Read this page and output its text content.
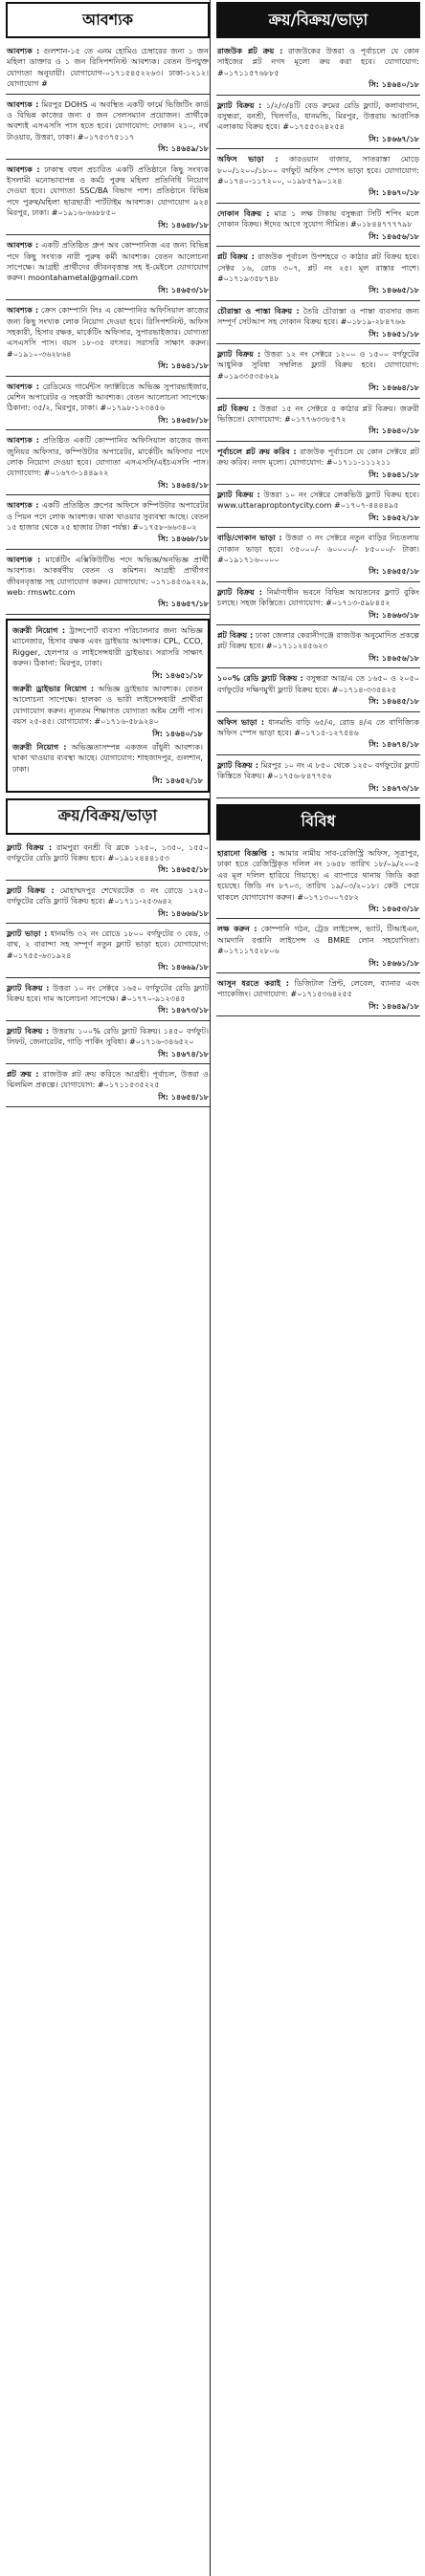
আবশ্যক
আবশ্যক : গুলশান-১৫ তে এনম হোমিও চেম্বারের জন্য ১ জন মহিলা ডাক্তার ও ১ জন রিসিপশনিস্ট আবশ্যক। বেতন উপযুক্ত যোগ্যতা অনুযায়ী। যোগাযোগ-০১৭১৫৪৫২২৬৩। ঢাকা-১২১২। যোগাযোগ #
আবশ্যক : মিরপুর DOHS এ অবস্থিত একটি ফার্মে ভিজিটিং কার্ড ও বিভিন্ন কাজের জন্য ৫ জন সেলসম্যান প্রয়োজন। প্রার্থীকে অবশ্যই এসএসসি পাস হতে হবে। যোগাযোগ: দোকান ২১০, নর্থ টাওয়ার, উত্তরা, ঢাকা। #০১৭৫৩৭৫১১৭
সি: ১৪৬৪৯/১৮
আবশ্যক : ঢাকাস্থ বহুল প্রচারিত একটি প্রতিষ্ঠানে কিছু সংখ্যক ইসলামী মনোভাবাপন্ন ও কর্মঠ পুরুষ মহিলা প্রতিনিধি নিয়োগ দেওয়া হবে। যোগ্যতা SSC/BA বিভাগ পাশ। প্রতিষ্ঠানে বিভিন্ন পদে পুরুষ/মহিলা ছাত্রছাত্রী পার্টটাইম আবশ্যক। যোগাযোগ ৯২৪ মিরপুর, ঢাকা। #০১৯১৬-৬৬৮৮৫০
সি: ১৪৬৪৮/১৮
আবশ্যক : একটি প্রতিষ্ঠিত গ্রুপ অব কোম্পানিজ এর জন্য বিভিন্ন পদে কিছু সংখ্যক নারী পুরুষ কর্মী আবশ্যক। বেতন আলোচনা সাপেক্ষে। আগ্রহী প্রার্থীদের জীবনবৃত্তান্ত সহ ই-মেইলে যোগাযোগ করুন। moontahametal@gmail.com
সি: ১৪৬৫৩/১৮
আবশ্যক : ক্রেস কোম্পানি লিঃ এ কোম্পানির অফিসিয়াল কাজের জন্য কিছু সংখ্যক লোক নিয়োগ দেওয়া হবে। রিসিপশনিস্ট, অফিস সহকারী, হিসাব রক্ষক, মার্কেটিং অফিসার, সুপারভাইজার। যোগ্যতা এসএসসি পাস। বয়স ১৮-৩৫ বৎসর। সরাসরি সাক্ষাৎ করুন। #০১৯১০-৩৬২৮৬৪
সি: ১৪৬৪১/১৮
আবশ্যক : রেডিমেড গার্মেন্টস ফ্যাক্টরিতে অভিজ্ঞ সুপারভাইজার, মেশিন অপারেটর ও সহকারী আবশ্যক। বেতন আলোচনা সাপেক্ষে। ঠিকানা: ৩৫/২, মিরপুর, ঢাকা। #০১৭৯৮-১২৩৪৫৬
সি: ১৪৬৫৮/১৮
আবশ্যক : প্রতিষ্ঠিত একটি কোম্পানির অফিসিয়াল কাজের জন্য জুনিয়র অফিসার, কম্পিউটার অপারেটর, মার্কেটিং অফিসার পদে লোক নিয়োগ দেওয়া হবে। যোগ্যতা এসএসসি/এইচএসসি পাস। যোগাযোগ: #০১৬৭৩-১৪৪৯২২
সি: ১৪৬৪৪/১৮
আবশ্যক : একটি প্রতিষ্ঠিত গ্রুপের অফিসে কম্পিউটার অপারেটর ও পিয়ন পদে লোক আবশ্যক। থাকা খাওয়ার সুব্যবস্থা আছে। বেতন ১৫ হাজার থেকে ২৫ হাজার টাকা পর্যন্ত। #০১৭৫৮-৬৬৩৪০২
সি: ১৪৬৬৮/১৮
আবশ্যক : মার্কেটিং এক্সিকিউটিভ পদে অভিজ্ঞ/অনভিজ্ঞ প্রার্থী আবশ্যক। আকর্ষণীয় বেতন ও কমিশন। আগ্রহী প্রার্থীগণ জীবনবৃত্তান্ত সহ যোগাযোগ করুন। যোগাযোগ: ০১৭১৪৫৩৯২২৯, web: rmswtc.com
সি: ১৪৬৫৭/১৮
জরুরী নিয়োগ : ট্রান্সপোর্ট ব্যবসা পরিচালনার জন্য অভিজ্ঞ ম্যানেজার, হিসাব রক্ষক এবং ড্রাইভার আবশ্যক। CPL, CCO, Rigger, হেলপার ও লাইসেন্সধারী ড্রাইভার। সরাসরি সাক্ষাৎ করুন। ঠিকানা: মিরপুর, ঢাকা।
সি: ১৪৬৫১/১৮
জরুরী ড্রাইভার নিয়োগ : অভিজ্ঞ ড্রাইভার আবশ্যক। বেতন আলোচনা সাপেক্ষে। হালকা ও ভারী লাইসেন্সধারী প্রার্থীরা যোগাযোগ করুন। ন্যূনতম শিক্ষাগত যোগ্যতা অষ্টম শ্রেণী পাস। বয়স ২৫-৪৫। যোগাযোগ: #০১৭১৬-৫৮৯২৪০
সি: ১৪৬৪০/১৮
জরুরী নিয়োগ : অভিজ্ঞতাসম্পন্ন একজন রাঁধুনী আবশ্যক। থাকা খাওয়ার ব্যবস্থা আছে। যোগাযোগ: শাহজাদপুর, গুলশান, ঢাকা।
সি: ১৪৬৫২/১৮
ক্রয়/বিক্রয়/ভাড়া
ফ্ল্যাট বিক্রয় : রামপুরা বনশ্রী বি ব্লকে ১২৫০, ১৩৫০, ১৫৫০ বর্গফুটের রেডি ফ্ল্যাট বিক্রয় হবে। #০১৯১২৪৪৪১৫৩
সি: ১৪৬৫৫/১৮
ফ্ল্যাট বিক্রয় : মোহাম্মদপুর শেখেরটেক ৩ নং রোডে ১২৫০ বর্গফুটের রেডি ফ্ল্যাট বিক্রয় হবে। #০১৭১১-২৫৩৬৪২
সি: ১৪৬৬৬/১৮
ফ্ল্যাট ভাড়া : ধানমন্ডি ৩২ নং রোডে ১৮০০ বর্গফুটের ৩ বেড, ৩ বাথ, ২ বারান্দা সহ সম্পূর্ণ নতুন ফ্ল্যাট ভাড়া হবে। যোগাযোগ: #০১৭৫৫-৬৩১৯২৪
সি: ১৪৬৬৯/১৮
ফ্ল্যাট বিক্রয় : উত্তরা ১০ নং সেক্টরে ১৬৫০ বর্গফুটের রেডি ফ্ল্যাট বিক্রয় হবে। দাম আলোচনা সাপেক্ষে। #০১৭৭০-৯১২৩৪৫
সি: ১৪৬৭৩/১৮
ফ্ল্যাট বিক্রয় : উত্তরায় ১০০% রেডি ফ্ল্যাট বিক্রয়। ১৪৫০ বর্গফুট। লিফট, জেনারেটর, গাড়ি পার্কিং সুবিধা। #০১৭১৬-৩৪৬৫২০
সি: ১৪৬৭৪/১৮
প্লট ক্রয় : রাজউক প্লট ক্রয় করিতে আগ্রহী। পূর্বাচল, উত্তরা ও ঝিলমিল প্রকল্পে। যোগাযোগ: #০১৭১১৫৩৫২২৫
সি: ১৪৬৫৪/১৮
ক্রয়/বিক্রয়/ভাড়া
রাজউক প্লট ক্রয় : রাজউকের উত্তরা ও পূর্বাচলে যে কোন সাইজের প্লট নগদ মূল্যে ক্রয় করা হবে। যোগাযোগ: #০১৭১১৫৭৬৮৮৫
সি: ১৪৬৪০/১৮
ফ্ল্যাট বিক্রয় : ১/২/৩/৪টি বেড রুমের রেডি ফ্ল্যাট, কলাবাগান, বসুন্ধরা, বনশ্রী, খিলগাঁও, ধানমন্ডি, মিরপুর, উত্তরায় আবাসিক এলাকায় বিক্রয় হবে। #০১৭৫৫৩২৪২৫৪
সি: ১৪৬৬৭/১৮
অফিস ভাড়া : কারওয়ান বাজার, সাতরাস্তা মোড়ে ৮০০/১২০০/১৮০০ বর্গফুট অফিস স্পেস ভাড়া হবে। যোগাযোগ: #০১৭৪০-১১৭২০০, ০১৯৮৫৭৯০১২৪
সি: ১৪৬৭০/১৮
দোকান বিক্রয় : মাত্র ১ লক্ষ টাকায় বসুন্ধরা সিটি শপিং মলে দোকান বিক্রয়। ঈদের আগে সুযোগ সীমিত। #০১৮৪৪৭৭৭৭৯৮
সি: ১৪৬৫৬/১৮
প্লট বিক্রয় : রাজউক পূর্বাচল উপশহরে ৩ কাঠার প্লট বিক্রয় হবে। সেক্টর ১৬, রোড ৩০৭, প্লট নং ২৫। মূল রাস্তার পাশে। #০১৭১৯৩৫৮৭৪৮
সি: ১৪৬৬৫/১৮
চৌরাস্তা ও পাস্তা বিক্রয় : তৈরি চৌরাস্তা ও পাস্তা ব্যবসার জন্য সম্পূর্ণ সেটআপ সহ দোকান বিক্রয় হবে। #০১৮১৯-২৮৪৭৬৬
সি: ১৪৬৫১/১৮
ফ্ল্যাট বিক্রয় : উত্তরা ১২ নং সেক্টরে ১২০০ ও ১৫০০ বর্গফুটের আধুনিক সুবিধা সম্বলিত ফ্ল্যাট বিক্রয় হবে। যোগাযোগ: #০১৯৩৩৫৩৫৬২৯
সি: ১৪৬৬৪/১৮
প্লট বিক্রয় : উত্তরা ১৫ নং সেক্টরে ৫ কাঠার প্লট বিক্রয়। জরুরী ভিত্তিতে। যোগাযোগ: #০১৭৭৬৩৩৮৫৭২
সি: ১৪৬৪০/১৮
পূর্বাচলে প্লট ক্রয় করিব : রাজউক পূর্বাচলে যে কোন সেক্টরে প্লট ক্রয় করিব। নগদ মূল্যে। যোগাযোগ: #০১৭১১-১১১২১১
সি: ১৪৬৪১/১৮
ফ্ল্যাট বিক্রয় : উত্তরা ১০ নং সেক্টরে লেকভিউ ফ্ল্যাট বিক্রয় হবে। www.uttaraproptontycity.com #০১৭০৭-৪৪৪৪৯৫
সি: ১৪৬৫২/১৮
বাড়ি/দোকান ভাড়া : উত্তরা ৩ নং সেক্টরে নতুন বাড়ির নিচতলায় দোকান ভাড়া হবে। ৩৫০০০/- ৬০০০০/- ৮৫০০০/- টাকা। #০১৯১৭১৬০০০০
সি: ১৪৬৫৫/১৮
ফ্ল্যাট বিক্রয় : নির্মাণাধীন ভবনে বিভিন্ন আয়তনের ফ্ল্যাট বুকিং চলছে। সহজ কিস্তিতে। যোগাযোগ: #০১৭১৩-৫৯৮৪৫২
সি: ১৪৬৬৩/১৮
প্লট বিক্রয় : ঢাকা জেলার কেরানীগঞ্জে রাজউক অনুমোদিত প্রকল্পে প্লট বিক্রয় হবে। #০১৭১১২৪৫৬২৩
সি: ১৪৬৫৬/১৮
১০০% রেডি ফ্ল্যাট বিক্রয় : বসুন্ধরা আর/এ তে ১৬৫০ ও ২০৫০ বর্গফুটের দক্ষিণমুখী ফ্ল্যাট বিক্রয় হবে। #০১৭১৪-৩৩৫৪২৫
সি: ১৪৬৪৫/১৮
অফিস ভাড়া : ধানমন্ডি বাড়ি ৬৫/এ, রোড ৪/এ তে বাণিজ্যিক অফিস স্পেস ভাড়া হবে। #০১৭১৫-১২৭৫৪৬
সি: ১৪৬৭৪/১৮
ফ্ল্যাট বিক্রয় : মিরপুর ১০ নং এ ৮৫০ থেকে ১২৫০ বর্গফুটের ফ্ল্যাট কিস্তিতে বিক্রয়। #০১৭৫৬-৮৪৭৭৫৬
সি: ১৪৬৭৩/১৮
বিবিধ
হারানো বিজ্ঞপ্তি : আমার নামীয় সাব-রেজিস্ট্রি অফিস, সূত্রাপুর, ঢাকা হতে রেজিস্ট্রিকৃত দলিল নং ১৬৫৮ তারিখ ১৮/০৯/২০০৫ এর মূল দলিল হারিয়ে গিয়াছে। এ ব্যাপারে থানায় জিডি করা হয়েছে। জিডি নং ৮৭০৩, তারিখ ১৯/০৩/২০১৮। কেউ পেয়ে থাকলে যোগাযোগ করুন। #০১৭১৩০০৭৫৮২
সি: ১৪৬৫৩/১৮
লক্ষ করুন : কোম্পানি গঠন, ট্রেড লাইসেন্স, ভ্যাট, টিআইএন, আমদানি রপ্তানি লাইসেন্স ও BMRE লোন সহযোগিতা। #০১৭১১৭৫২৮০৬
সি: ১৪৬৬১/১৮
আসুন ধরতে করাই : ডিজিটাল প্রিন্ট, লেবেল, ব্যানার এবং প্যাকেজিং। যোগাযোগ: #০১৭১৫৩৬৪২৫৫
সি: ১৪৬৪৯/১৮
